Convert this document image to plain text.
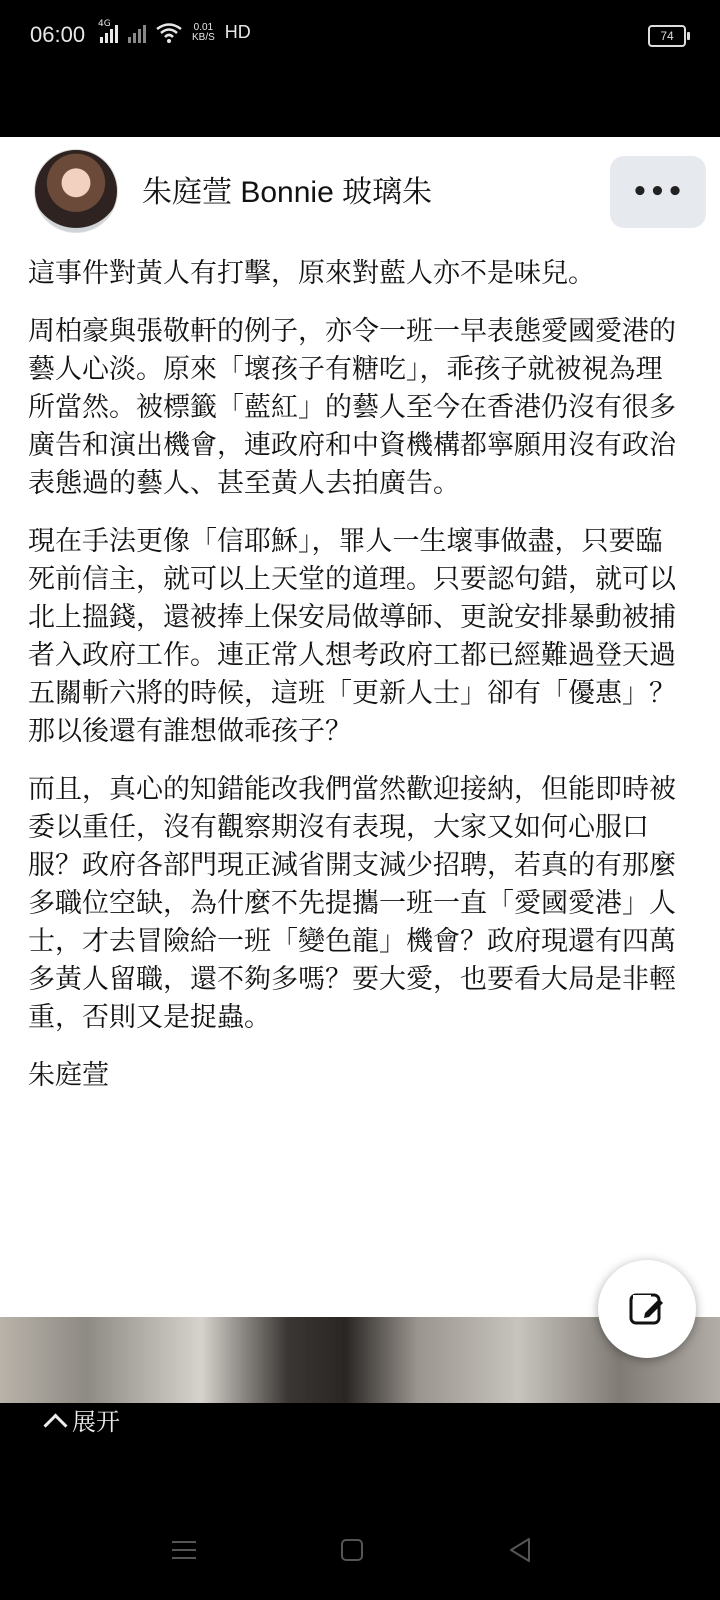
06:00 4G	0.01
KB/S HD	74
朱庭萱 Bonnie 玻璃朱	•••

這事件對黃人有打擊，原來對藍人亦不是味兒。

周柏豪與張敬軒的例子，亦令一班一早表態愛國愛港的藝人心淡。原來「壞孩子有糖吃」，乖孩子就被視為理所當然。被標籤「藍紅」的藝人至今在香港仍沒有很多廣告和演出機會，連政府和中資機構都寧願用沒有政治表態過的藝人、甚至黃人去拍廣告。

現在手法更像「信耶穌」，罪人一生壞事做盡，只要臨死前信主，就可以上天堂的道理。只要認句錯，就可以北上搵錢，還被捧上保安局做導師、更說安排暴動被捕者入政府工作。連正常人想考政府工都已經難過登天過五關斬六將的時候，這班「更新人士」卻有「優惠」？那以後還有誰想做乖孩子？

而且，真心的知錯能改我們當然歡迎接納，但能即時被委以重任，沒有觀察期沒有表現，大家又如何心服口服？政府各部門現正減省開支減少招聘，若真的有那麼多職位空缺，為什麼不先提攜一班一直「愛國愛港」人士，才去冒險給一班「變色龍」機會？政府現還有四萬多黃人留職，還不夠多嗎？要大愛，也要看大局是非輕重，否則又是捉蟲。

朱庭萱
展开
